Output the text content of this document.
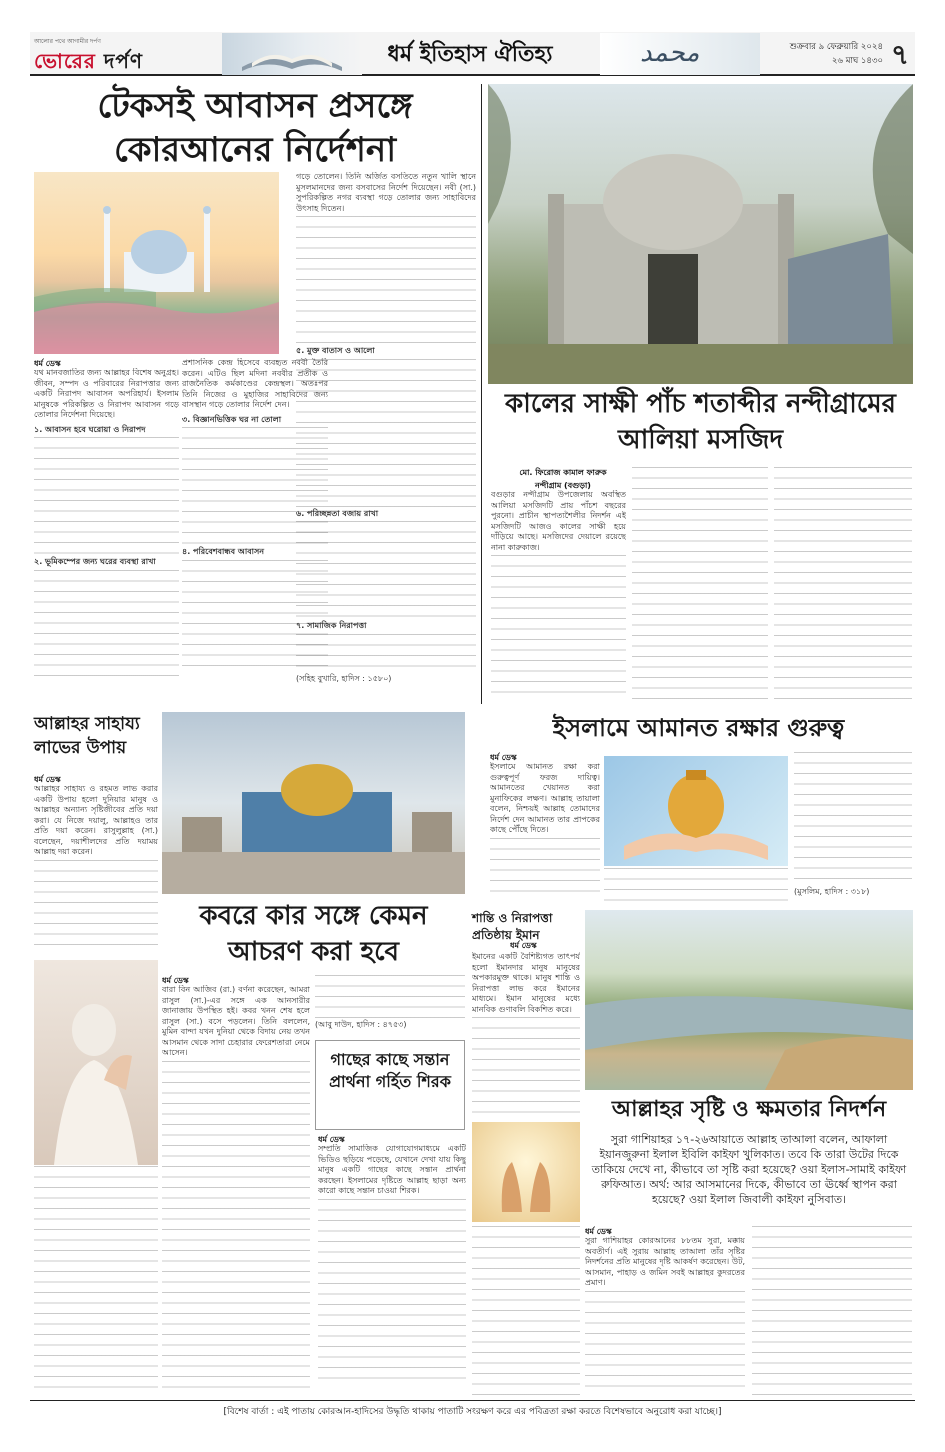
আলোর পথে আগামীর দর্পণ
ভোরের দর্পণ	ধর্ম ইতিহাস ঐতিহ্য	محمد	শুক্রবার ৯ ফেব্রুয়ারি ২০২৪
২৬ মাঘ ১৪৩০ ৭
টেকসই আবাসন প্রসঙ্গে কোরআনের নির্দেশনা
ধর্ম ডেস্ক

যথ মানবজাতির জন্য আল্লাহর বিশেষ অনুগ্রহ। জীবন, সম্পদ ও পরিবারের নিরাপত্তার জন্য একটি নিরাপদ আবাসন অপরিহার্য। ইসলাম মানুষকে পরিকল্পিত ও নিরাপদ আবাসন গড়ে তোলার নির্দেশনা দিয়েছে।

১. আবাসন হবে ঘরোয়া ও নিরাপদ

২. ভূমিকম্পের জন্য ঘরের ব্যবস্থা রাখা

প্রশাসনিক কেন্দ্র হিসেবে ব্যবহৃত নববী তৈরি করেন। এটিও ছিল মদিনা নববীর প্রতীক ও রাজনৈতিক কর্মকাণ্ডের কেন্দ্রস্থল। অতঃপর তিনি নিজের ও মুহাজির সাহাবিদের জন্য বাসস্থান গড়ে তোলার নির্দেশ দেন।

৩. বিজ্ঞানভিত্তিক ঘর না তোলা

৪. পরিবেশবান্ধব আবাসন

গড়ে তোলেন। তিনি অর্জিত বসতিতে নতুন খালি স্থানে মুসলমানদের জন্য বসবাসের নির্দেশ দিয়েছেন। নবী (সা.) সুপরিকল্পিত নগর ব্যবস্থা গড়ে তোলার জন্য সাহাবিদের উৎসাহ দিতেন।

৫. মুক্ত বাতাস ও আলো

৬. পরিচ্ছন্নতা বজায় রাখা

৭. সামাজিক নিরাপত্তা

(সহিহ বুখারি, হাদিস : ১৫৮০)

কালের সাক্ষী পাঁচ শতাব্দীর নন্দীগ্রামের আলিয়া মসজিদ
মো. ফিরোজ কামাল ফারুক
নন্দীগ্রাম (বগুড়া)

বগুড়ার নন্দীগ্রাম উপজেলায় অবস্থিত আলিয়া মসজিদটি প্রায় পাঁচশ বছরের পুরনো। প্রাচীন স্থাপত্যশৈলীর নিদর্শন এই মসজিদটি আজও কালের সাক্ষী হয়ে দাঁড়িয়ে আছে। মসজিদের দেয়ালে রয়েছে নানা কারুকাজ।

আল্লাহর সাহায্য লাভের উপায়
ধর্ম ডেস্ক

আল্লাহর সাহায্য ও রহমত লাভ করার একটি উপায় হলো দুনিয়ার মানুষ ও আল্লাহর অন্যান্য সৃষ্টিজীবের প্রতি দয়া করা। যে নিজে দয়ালু, আল্লাহও তার প্রতি দয়া করেন। রাসুলুল্লাহ (সা.) বলেছেন, দয়াশীলদের প্রতি দয়াময় আল্লাহ দয়া করেন।

ইসলামে আমানত রক্ষার গুরুত্ব
ধর্ম ডেস্ক

ইসলামে আমানত রক্ষা করা গুরুত্বপূর্ণ ফরজ দায়িত্ব। আমানতের খেয়ানত করা মুনাফিকের লক্ষণ। আল্লাহ তায়ালা বলেন, নিশ্চয়ই আল্লাহ তোমাদের নির্দেশ দেন আমানত তার প্রাপকের কাছে পৌঁছে দিতে।

(মুসলিম, হাদিস : ৩১৮)

কবরে কার সঙ্গে কেমন আচরণ করা হবে
ধর্ম ডেস্ক

বারা বিন আজিব (রা.) বর্ণনা করেছেন, আমরা রাসুল (সা.)-এর সঙ্গে এক আনসারীর জানাজায় উপস্থিত হই। কবর খনন শেষ হলে রাসুল (সা.) বসে পড়লেন। তিনি বললেন, মুমিন বান্দা যখন দুনিয়া থেকে বিদায় নেয় তখন আসমান থেকে সাদা চেহারার ফেরেশতারা নেমে আসেন।

(আবু দাউদ, হাদিস : ৪৭৫৩)

গাছের কাছে সন্তান প্রার্থনা গর্হিত শিরক
ধর্ম ডেস্ক

সম্প্রতি সামাজিক যোগাযোগমাধ্যমে একটি ভিডিও ছড়িয়ে পড়েছে, যেখানে দেখা যায় কিছু মানুষ একটি গাছের কাছে সন্তান প্রার্থনা করছেন। ইসলামের দৃষ্টিতে আল্লাহ ছাড়া অন্য কারো কাছে সন্তান চাওয়া শিরক।

শান্তি ও নিরাপত্তা প্রতিষ্ঠায় ইমান
ধর্ম ডেস্ক

ইমানের একটি বৈশিষ্ট্যগত তাৎপর্য হলো ইমানদার মানুষ মানুষের অপকারমুক্ত থাকে। মানুষ শান্তি ও নিরাপত্তা লাভ করে ইমানের মাধ্যমে। ইমান মানুষের মধ্যে মানবিক গুণাবলি বিকশিত করে।

আল্লাহর সৃষ্টি ও ক্ষমতার নিদর্শন
সুরা গাশিয়াহর ১৭-২৬আয়াতে আল্লাহ তাআলা বলেন, আফালা ইয়ানজুরুনা ইলাল ইবিলি কাইফা খুলিকাত। তবে কি তারা উটের দিকে তাকিয়ে দেখে না, কীভাবে তা সৃষ্টি করা হয়েছে? ওয়া ইলাস-সামাই কাইফা রুফিআত। অর্থ: আর আসমানের দিকে, কীভাবে তা ঊর্ধ্বে স্থাপন করা হয়েছে? ওয়া ইলাল জিবালী কাইফা নুসিবাত।
ধর্ম ডেস্ক

সুরা গাশিয়াহর কোরআনের ৮৮তম সুরা, মক্কায় অবতীর্ণ। এই সুরায় আল্লাহ তাআলা তাঁর সৃষ্টির নিদর্শনের প্রতি মানুষের দৃষ্টি আকর্ষণ করেছেন। উট, আসমান, পাহাড় ও জমিন সবই আল্লাহর কুদরতের প্রমাণ।

[বিশেষ বার্তা : এই পাতায় কোরআন-হাদিসের উদ্ধৃতি থাকায় পাতাটি সংরক্ষণ করে এর পবিত্রতা রক্ষা করতে বিশেষভাবে অনুরোধ করা যাচ্ছে।]
